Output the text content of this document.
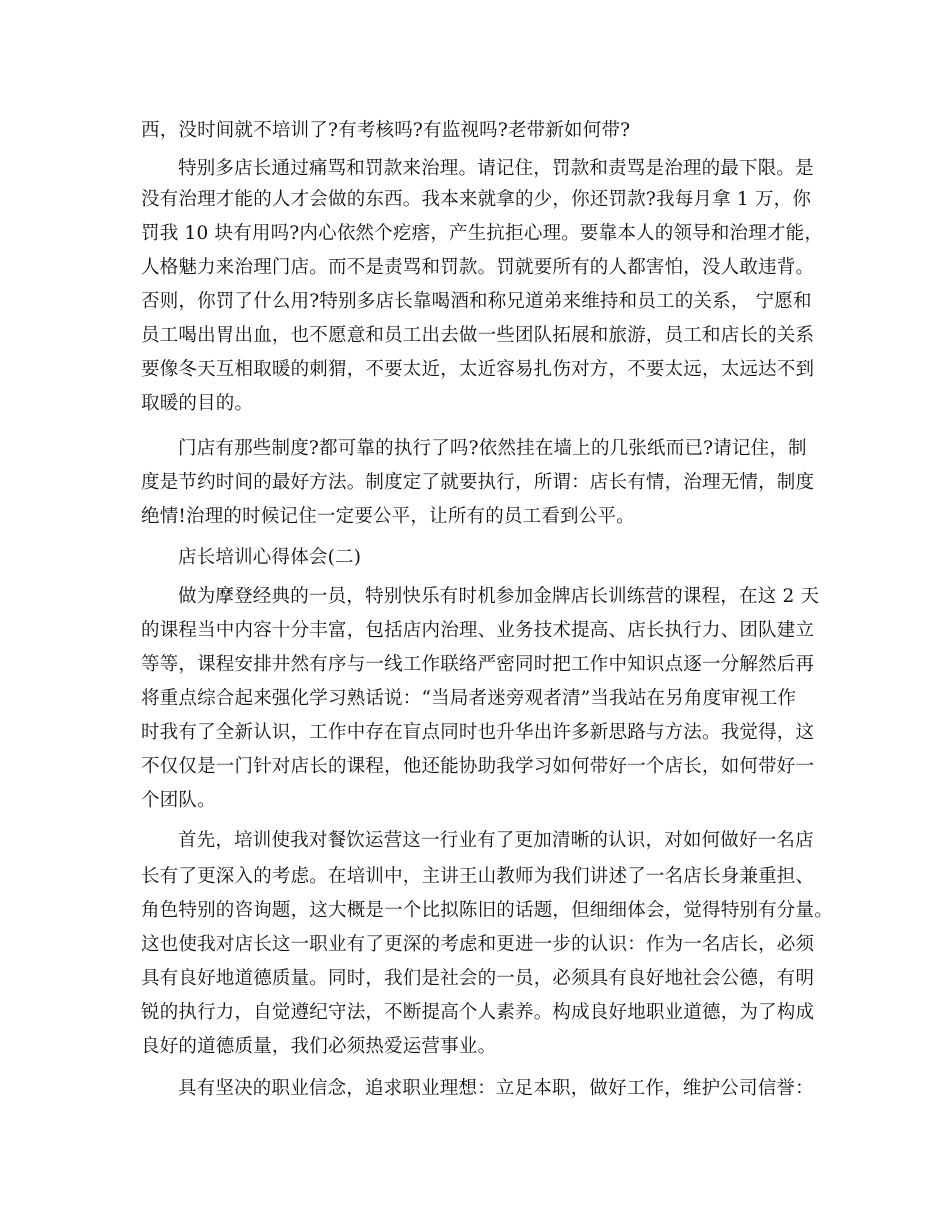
西，没时间就不培训了?有考核吗?有监视吗?老带新如何带?
特别多店长通过痛骂和罚款来治理。请记住，罚款和责骂是治理的最下限。是
没有治理才能的人才会做的东西。我本来就拿的少，你还罚款?我每月拿 1 万，你
罚我 10 块有用吗?内心依然个疙瘩，产生抗拒心理。要靠本人的领导和治理才能，
人格魅力来治理门店。而不是责骂和罚款。罚就要所有的人都害怕，没人敢违背。
否则，你罚了什么用?特别多店长靠喝酒和称兄道弟来维持和员工的关系， 宁愿和
员工喝出胃出血，也不愿意和员工出去做一些团队拓展和旅游，员工和店长的关系
要像冬天互相取暖的刺猬，不要太近，太近容易扎伤对方，不要太远，太远达不到
取暖的目的。
门店有那些制度?都可靠的执行了吗?依然挂在墙上的几张纸而已?请记住，制
度是节约时间的最好方法。制度定了就要执行，所谓：店长有情，治理无情，制度
绝情!治理的时候记住一定要公平，让所有的员工看到公平。
店长培训心得体会(二)
做为摩登经典的一员，特别快乐有时机参加金牌店长训练营的课程，在这 2 天
的课程当中内容十分丰富，包括店内治理、业务技术提高、店长执行力、团队建立
等等，课程安排井然有序与一线工作联络严密同时把工作中知识点逐一分解然后再
将重点综合起来强化学习熟话说：“当局者迷旁观者清”当我站在另角度审视工作
时我有了全新认识，工作中存在盲点同时也升华出许多新思路与方法。我觉得，这
不仅仅是一门针对店长的课程，他还能协助我学习如何带好一个店长，如何带好一
个团队。
首先，培训使我对餐饮运营这一行业有了更加清晰的认识，对如何做好一名店
长有了更深入的考虑。在培训中，主讲王山教师为我们讲述了一名店长身兼重担、
角色特别的咨询题，这大概是一个比拟陈旧的话题，但细细体会，觉得特别有分量。
这也使我对店长这一职业有了更深的考虑和更进一步的认识：作为一名店长，必须
具有良好地道德质量。同时，我们是社会的一员，必须具有良好地社会公德，有明
锐的执行力，自觉遵纪守法，不断提高个人素养。构成良好地职业道德，为了构成
良好的道德质量，我们必须热爱运营事业。
具有坚决的职业信念，追求职业理想：立足本职，做好工作，维护公司信誉：
